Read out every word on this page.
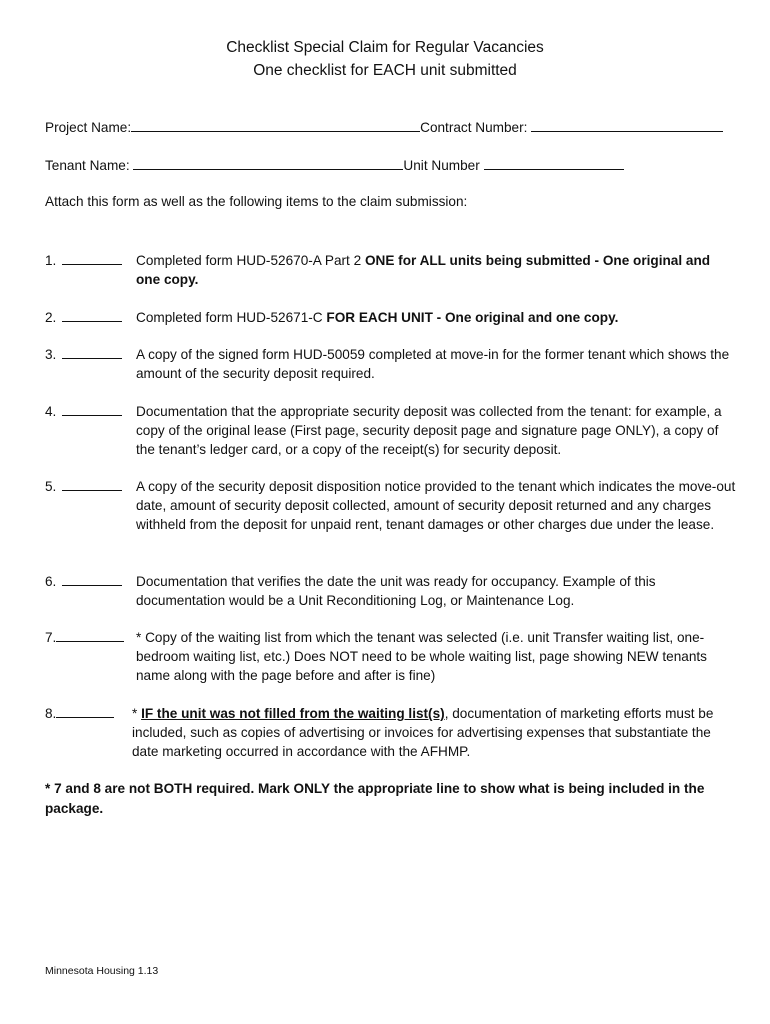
Checklist Special Claim for Regular Vacancies
One checklist for EACH unit submitted
Project Name:	Contract Number:
Tenant Name:	Unit Number
Attach this form as well as the following items to the claim submission:
1.	Completed form HUD-52670-A Part 2 ONE for ALL units being submitted - One original and one copy.
2.	Completed form HUD-52671-C FOR EACH UNIT - One original and one copy.
3.	A copy of the signed form HUD-50059 completed at move-in for the former tenant which shows the amount of the security deposit required.
4.	Documentation that the appropriate security deposit was collected from the tenant: for example, a copy of the original lease (First page, security deposit page and signature page ONLY), a copy of the tenant’s ledger card, or a copy of the receipt(s) for security deposit.
5.	A copy of the security deposit disposition notice provided to the tenant which indicates the move-out date, amount of security deposit collected, amount of security deposit returned and any charges withheld from the deposit for unpaid rent, tenant damages or other charges due under the lease.
6.	Documentation that verifies the date the unit was ready for occupancy. Example of this documentation would be a Unit Reconditioning Log, or Maintenance Log.
7.	* Copy of the waiting list from which the tenant was selected (i.e. unit Transfer waiting list, one-bedroom waiting list, etc.) Does NOT need to be whole waiting list, page showing NEW tenants name along with the page before and after is fine)
8.	* IF the unit was not filled from the waiting list(s), documentation of marketing efforts must be included, such as copies of advertising or invoices for advertising expenses that substantiate the date marketing occurred in accordance with the AFHMP.
* 7 and 8 are not BOTH required. Mark ONLY the appropriate line to show what is being included in the package.
Minnesota Housing 1.13
